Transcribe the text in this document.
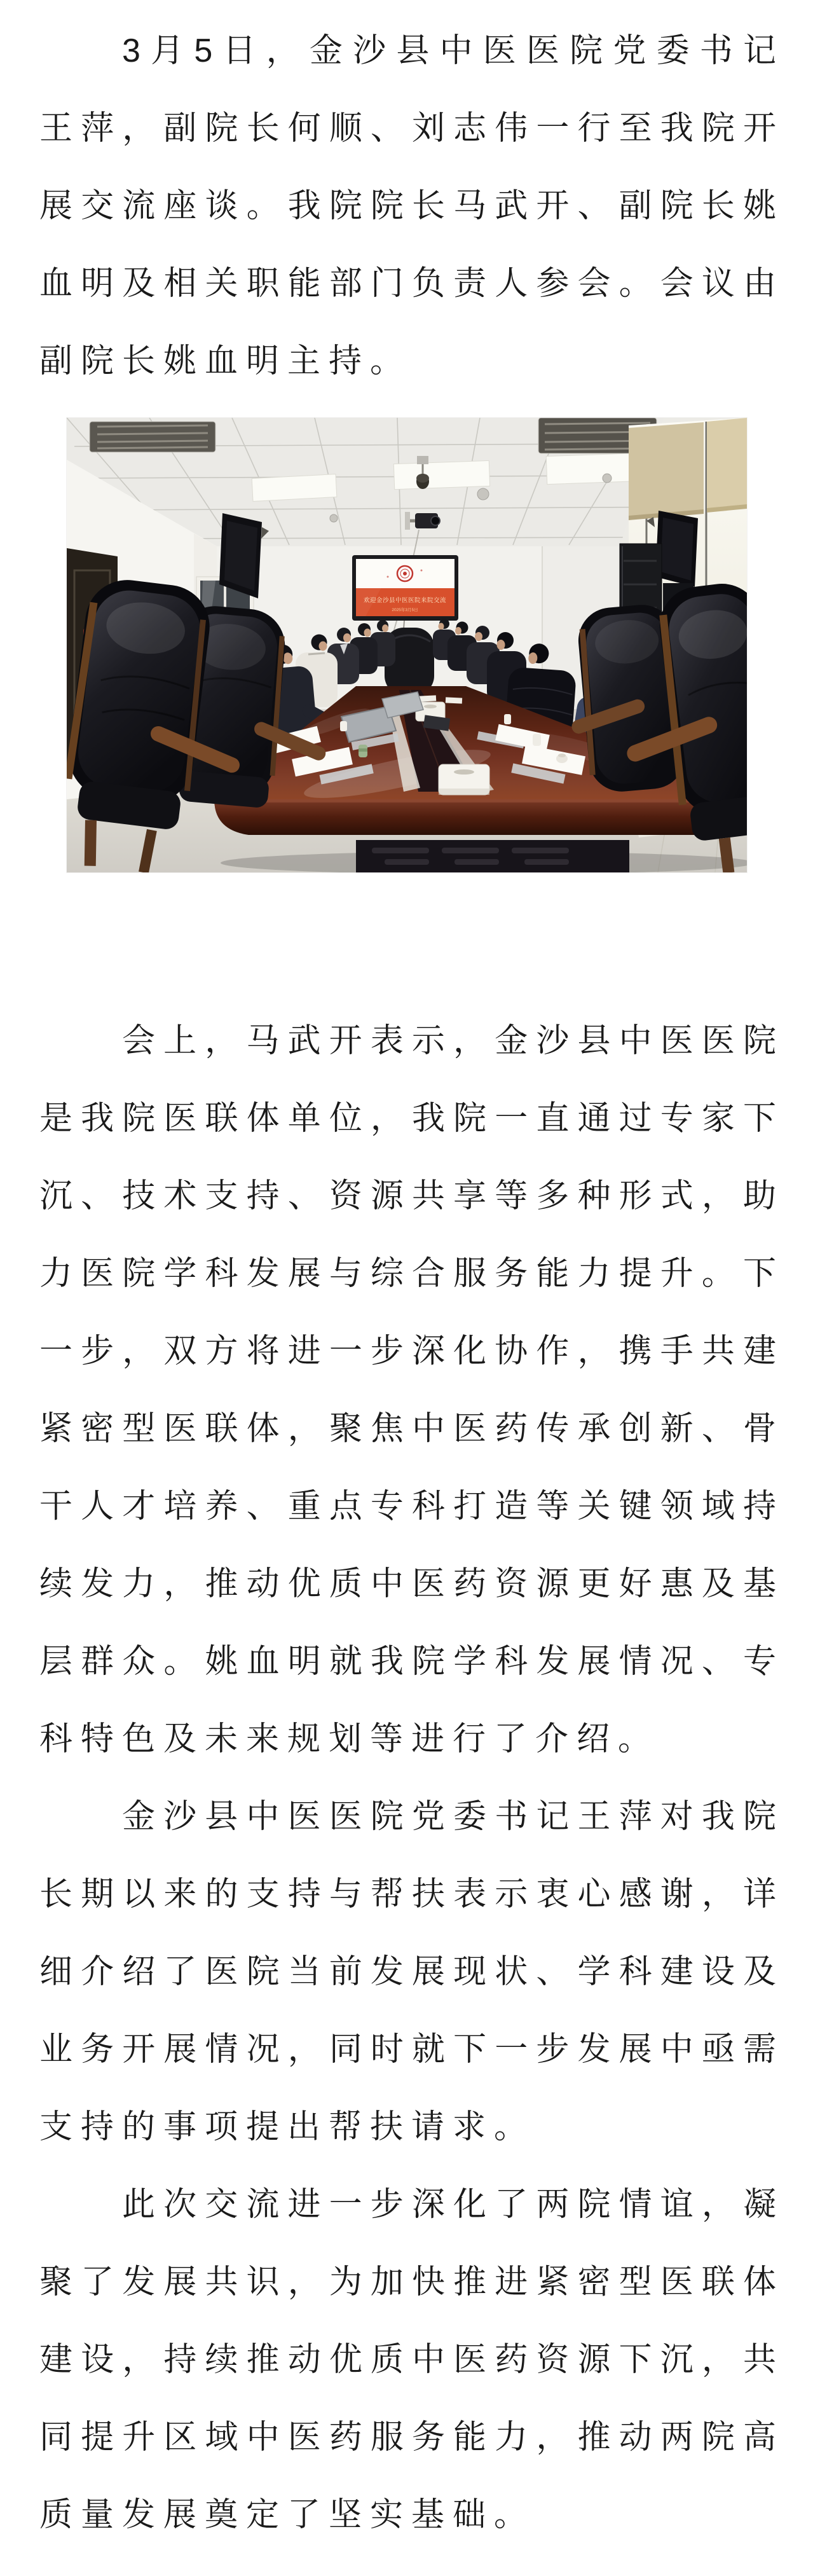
3月5日，金沙县中医医院党委书记王萍，副院长何顺、刘志伟一行至我院开展交流座谈。我院院长马武开、副院长姚血明及相关职能部门负责人参会。会议由副院长姚血明主持。

欢迎金沙县中医医院来院交流
2025年3月5日

会上，马武开表示，金沙县中医医院是我院医联体单位，我院一直通过专家下沉、技术支持、资源共享等多种形式，助力医院学科发展与综合服务能力提升。下一步，双方将进一步深化协作，携手共建紧密型医联体，聚焦中医药传承创新、骨干人才培养、重点专科打造等关键领域持续发力，推动优质中医药资源更好惠及基层群众。姚血明就我院学科发展情况、专科特色及未来规划等进行了介绍。

金沙县中医医院党委书记王萍对我院长期以来的支持与帮扶表示衷心感谢，详细介绍了医院当前发展现状、学科建设及业务开展情况，同时就下一步发展中亟需支持的事项提出帮扶请求。

此次交流进一步深化了两院情谊，凝聚了发展共识，为加快推进紧密型医联体建设，持续推动优质中医药资源下沉，共同提升区域中医药服务能力，推动两院高质量发展奠定了坚实基础。
